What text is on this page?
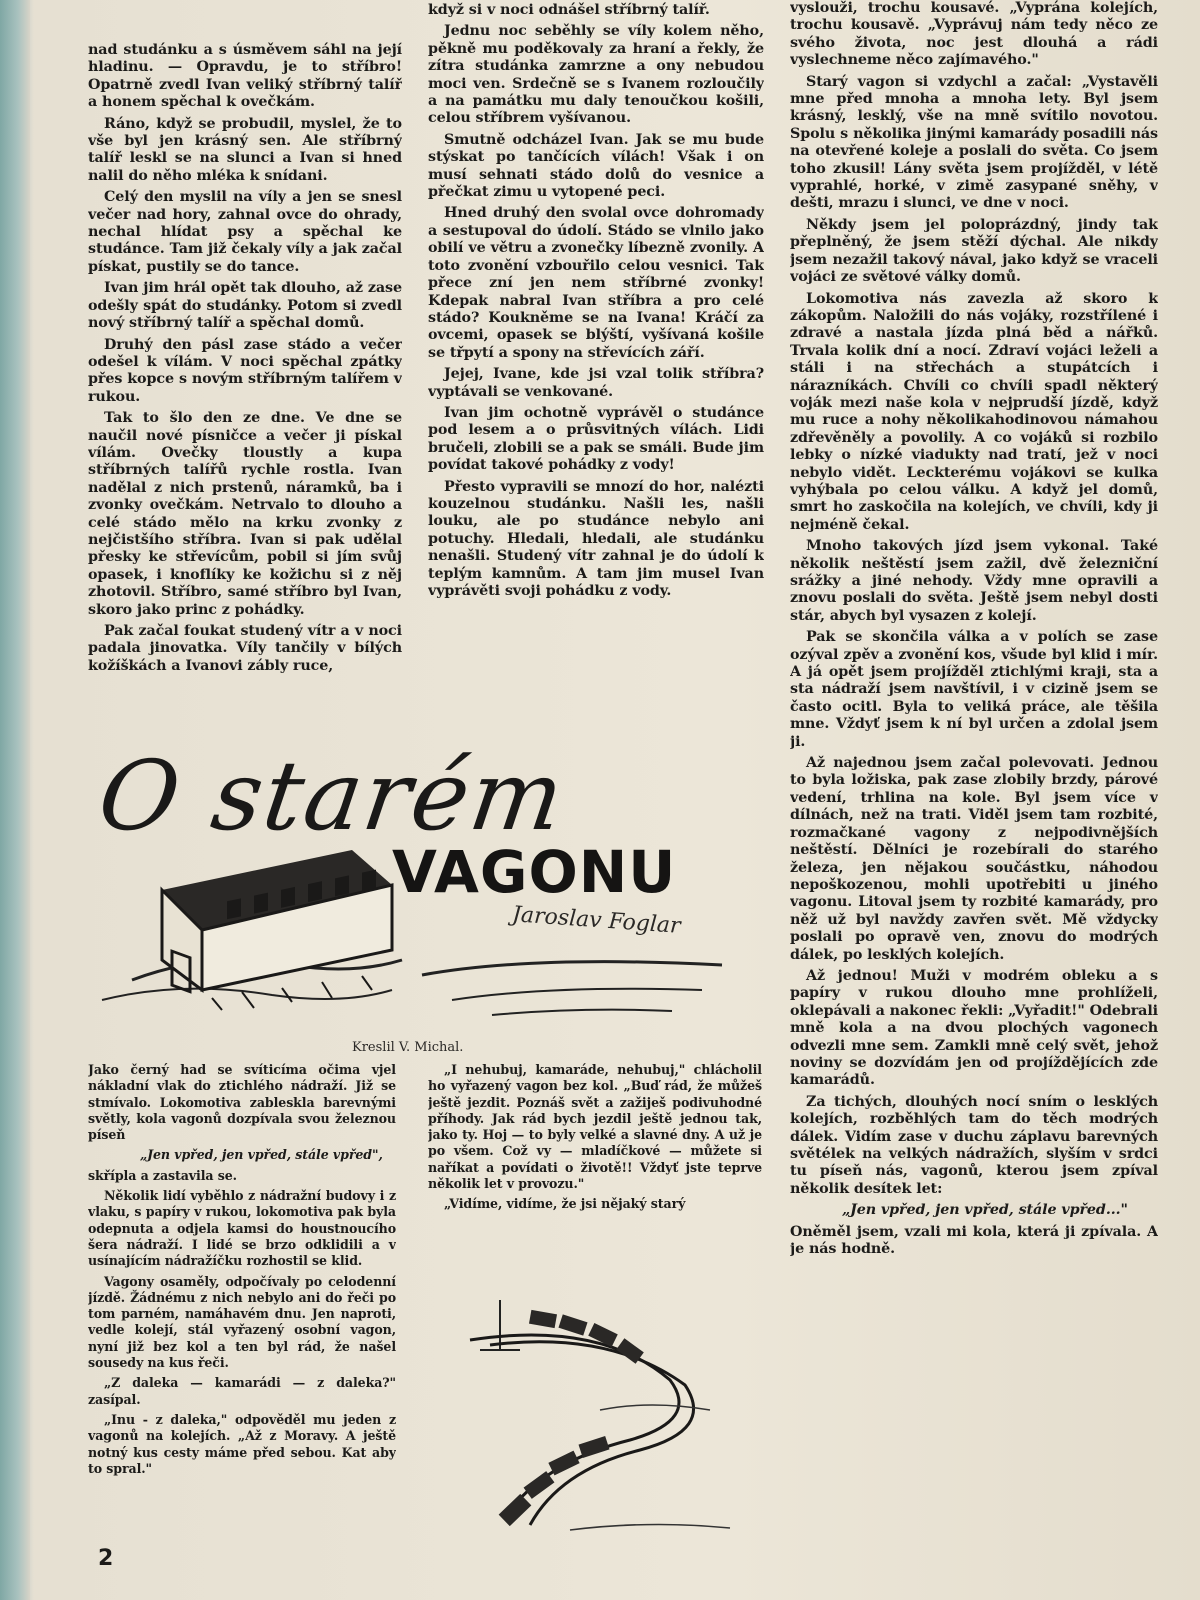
nad studánku a s úsměvem sáhl na její hladinu. — Opravdu, je to stříbro! Opatrně zvedl Ivan veliký stříbrný talíř a honem spěchal k ovečkám.

Ráno, když se probudil, myslel, že to vše byl jen krásný sen. Ale stříbrný talíř leskl se na slunci a Ivan si hned nalil do něho mléka k snídani.

Celý den myslil na víly a jen se snesl večer nad hory, zahnal ovce do ohrady, nechal hlídat psy a spěchal ke studánce. Tam již čekaly víly a jak začal pískat, pustily se do tance.

Ivan jim hrál opět tak dlouho, až zase odešly spát do studánky. Potom si zvedl nový stříbrný talíř a spěchal domů.

Druhý den pásl zase stádo a večer odešel k vílám. V noci spěchal zpátky přes kopce s novým stříbrným talířem v rukou.

Tak to šlo den ze dne. Ve dne se naučil nové písničce a večer ji pískal vílám. Ovečky tloustly a kupa stříbrných talířů rychle rostla. Ivan nadělal z nich prstenů, náramků, ba i zvonky ovečkám. Netrvalo to dlouho a celé stádo mělo na krku zvonky z nejčistšího stříbra. Ivan si pak udělal přesky ke střevícům, pobil si jím svůj opasek, i knoflíky ke kožichu si z něj zhotovil. Stříbro, samé stříbro byl Ivan, skoro jako princ z pohádky.

Pak začal foukat studený vítr a v noci padala jinovatka. Víly tančily v bílých kožíškách a Ivanovi zábly ruce,

když si v noci odnášel stříbrný talíř.

Jednu noc seběhly se víly kolem něho, pěkně mu poděkovaly za hraní a řekly, že zítra studánka zamrzne a ony nebudou moci ven. Srdečně se s Ivanem rozloučily a na památku mu daly tenoučkou košili, celou stříbrem vyšívanou.

Smutně odcházel Ivan. Jak se mu bude stýskat po tančících vílách! Však i on musí sehnati stádo dolů do vesnice a přečkat zimu u vytopené peci.

Hned druhý den svolal ovce dohromady a sestupoval do údolí. Stádo se vlnilo jako obilí ve větru a zvonečky líbezně zvonily. A toto zvonění vzbouřilo celou vesnici. Tak přece zní jen nem stříbrné zvonky! Kdepak nabral Ivan stříbra a pro celé stádo? Koukněme se na Ivana! Kráčí za ovcemi, opasek se blýští, vyšívaná košile se třpytí a spony na střevících září.

Jejej, Ivane, kde jsi vzal tolik stříbra? vyptávali se venkované.

Ivan jim ochotně vyprávěl o studánce pod lesem a o průsvitných vílách. Lidi bručeli, zlobili se a pak se smáli. Bude jim povídat takové pohádky z vody!

Přesto vypravili se mnozí do hor, nalézti kouzelnou studánku. Našli les, našli louku, ale po studánce nebylo ani potuchy. Hledali, hledali, ale studánku nenašli. Studený vítr zahnal je do údolí k teplým kamnům. A tam jim musel Ivan vyprávěti svoji pohádku z vody.

vyslouži, trochu kousavé. „Vyprána kolejích, trochu kousavě. „Vyprávuj nám tedy něco ze svého života, noc jest dlouhá a rádi vyslechneme něco zajímavého."

Starý vagon si vzdychl a začal: „Vystavěli mne před mnoha a mnoha lety. Byl jsem krásný, lesklý, vše na mně svítilo novotou. Spolu s několika jinými kamarády posadili nás na otevřené koleje a poslali do světa. Co jsem toho zkusil! Lány světa jsem projížděl, v létě vyprahlé, horké, v zimě zasypané sněhy, v dešti, mrazu i slunci, ve dne v noci.

Někdy jsem jel poloprázdný, jindy tak přeplněný, že jsem stěží dýchal. Ale nikdy jsem nezažil takový nával, jako když se vraceli vojáci ze světové války domů.

Lokomotiva nás zavezla až skoro k zákopům. Naložili do nás vojáky, rozstřílené i zdravé a nastala jízda plná běd a nářků. Trvala kolik dní a nocí. Zdraví vojáci leželi a stáli i na střechách a stupátcích i nárazníkách. Chvíli co chvíli spadl některý voják mezi naše kola v nejprudší jízdě, když mu ruce a nohy několikahodinovou námahou zdřevěněly a povolily. A co vojáků si rozbilo lebky o nízké viadukty nad tratí, jež v noci nebylo vidět. Leckterému vojákovi se kulka vyhýbala po celou válku. A když jel domů, smrt ho zaskočila na kolejích, ve chvíli, kdy ji nejméně čekal.

Mnoho takových jízd jsem vykonal. Také několik neštěstí jsem zažil, dvě železniční srážky a jiné nehody. Vždy mne opravili a znovu poslali do světa. Ještě jsem nebyl dosti stár, abych byl vysazen z kolejí.

Pak se skončila válka a v polích se zase ozýval zpěv a zvonění kos, všude byl klid i mír. A já opět jsem projížděl ztichlými kraji, sta a sta nádraží jsem navštívil, i v cizině jsem se často ocitl. Byla to veliká práce, ale těšila mne. Vždyť jsem k ní byl určen a zdolal jsem ji.

Až najednou jsem začal polevovati. Jednou to byla ložiska, pak zase zlobily brzdy, párové vedení, trhlina na kole. Byl jsem více v dílnách, než na trati. Viděl jsem tam rozbité, rozmačkané vagony z nejpodivnějších neštěstí. Dělníci je rozebírali do starého železa, jen nějakou součástku, náhodou nepoškozenou, mohli upotřebiti u jiného vagonu. Litoval jsem ty rozbité kamarády, pro něž už byl navždy zavřen svět. Mě vždycky poslali po opravě ven, znovu do modrých dálek, po lesklých kolejích.

Až jednou! Muži v modrém obleku a s papíry v rukou dlouho mne prohlíželi, oklepávali a nakonec řekli: „Vyřadit!" Odebrali mně kola a na dvou plochých vagonech odvezli mne sem. Zamkli mně celý svět, jehož noviny se dozvídám jen od projíždějících zde kamarádů.

Za tichých, dlouhých nocí sním o lesklých kolejích, rozběhlých tam do těch modrých dálek. Vidím zase v duchu záplavu barevných světélek na velkých nádražích, slyším v srdci tu píseň nás, vagonů, kterou jsem zpíval několik desítek let:

„Jen vpřed, jen vpřed, stále vpřed..."

Oněměl jsem, vzali mi kola, která ji zpívala. A je nás hodně.

O starém
VAGONU
Jaroslav Foglar
Kreslil V. Michal.

Jako černý had se svíticíma očima vjel nákladní vlak do ztichlého nádraží. Již se stmívalo. Lokomotiva zableskla barevnými světly, kola vagonů dozpívala svou železnou píseň

„Jen vpřed, jen vpřed, stále vpřed",

skřípla a zastavila se.

Několik lidí vyběhlo z nádražní budovy i z vlaku, s papíry v rukou, lokomotiva pak byla odepnuta a odjela kamsi do houstnoucího šera nádraží. I lidé se brzo odklidili a v usínajícím nádražíčku rozhostil se klid.

Vagony osaměly, odpočívaly po celodenní jízdě. Žádnému z nich nebylo ani do řeči po tom parném, namáhavém dnu. Jen naproti, vedle kolejí, stál vyřazený osobní vagon, nyní již bez kol a ten byl rád, že našel sousedy na kus řeči.

„Z daleka — kamarádi — z daleka?" zasípal.

„Inu - z daleka," odpověděl mu jeden z vagonů na kolejích. „Až z Moravy. A ještě notný kus cesty máme před sebou. Kat aby to spral."

„I nehubuj, kamaráde, nehubuj," chlácholil ho vyřazený vagon bez kol. „Buď rád, že můžeš ještě jezdit. Poznáš svět a zažiješ podivuhodné příhody. Jak rád bych jezdil ještě jednou tak, jako ty. Hoj — to byly velké a slavné dny. A už je po všem. Což vy — mladíčkové — můžete si naříkat a povídati o životě!! Vždyť jste teprve několik let v provozu."

„Vidíme, vidíme, že jsi nějaký starý

2
